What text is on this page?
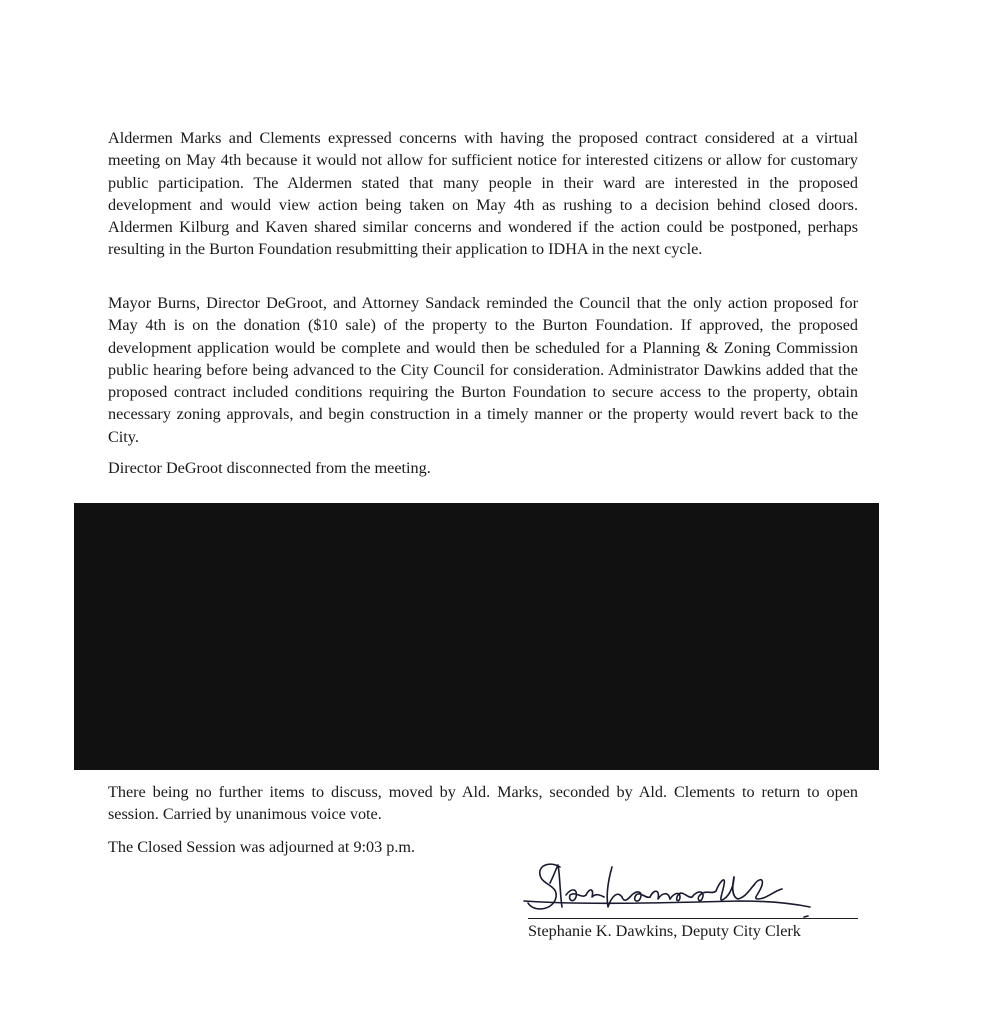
Aldermen Marks and Clements expressed concerns with having the proposed contract considered at a virtual meeting on May 4th because it would not allow for sufficient notice for interested citizens or allow for customary public participation. The Aldermen stated that many people in their ward are interested in the proposed development and would view action being taken on May 4th as rushing to a decision behind closed doors. Aldermen Kilburg and Kaven shared similar concerns and wondered if the action could be postponed, perhaps resulting in the Burton Foundation resubmitting their application to IDHA in the next cycle.

Mayor Burns, Director DeGroot, and Attorney Sandack reminded the Council that the only action proposed for May 4th is on the donation ($10 sale) of the property to the Burton Foundation. If approved, the proposed development application would be complete and would then be scheduled for a Planning & Zoning Commission public hearing before being advanced to the City Council for consideration. Administrator Dawkins added that the proposed contract included conditions requiring the Burton Foundation to secure access to the property, obtain necessary zoning approvals, and begin construction in a timely manner or the property would revert back to the City.

Director DeGroot disconnected from the meeting.

There being no further items to discuss, moved by Ald. Marks, seconded by Ald. Clements to return to open session. Carried by unanimous voice vote.

The Closed Session was adjourned at 9:03 p.m.

Stephanie K. Dawkins, Deputy City Clerk
